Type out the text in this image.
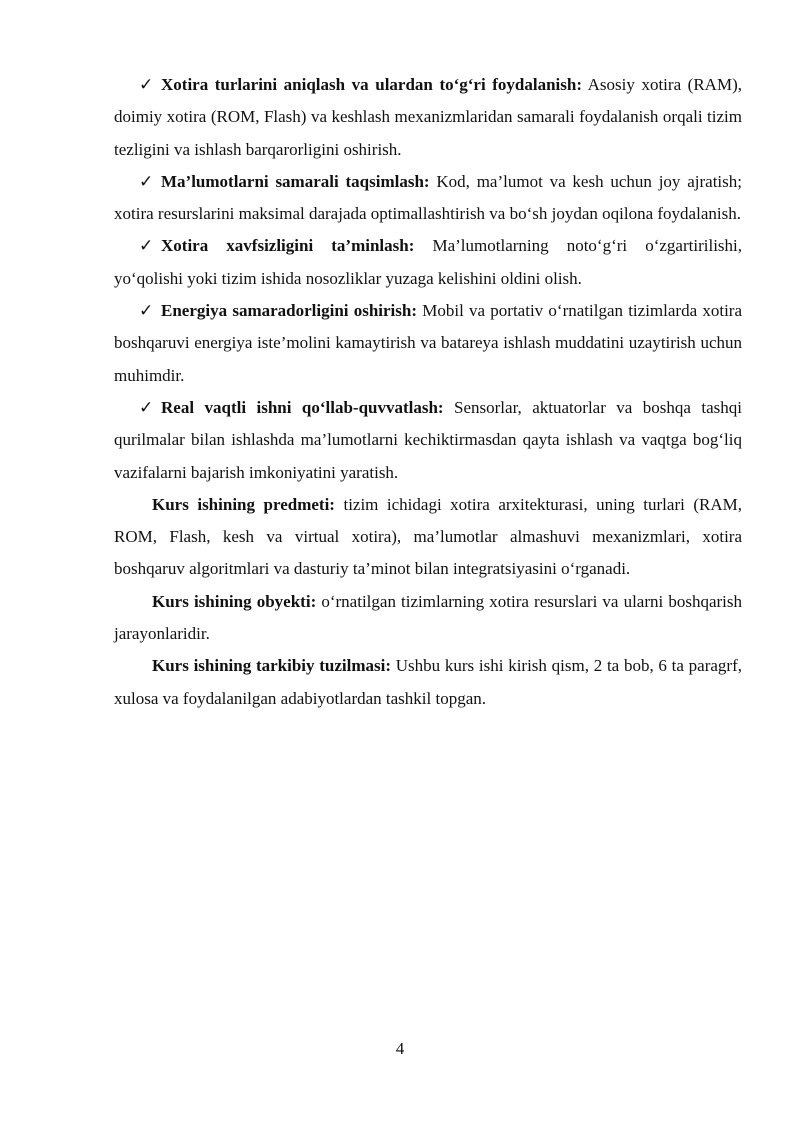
✓ Xotira turlarini aniqlash va ulardan to‘g‘ri foydalanish: Asosiy xotira (RAM), doimiy xotira (ROM, Flash) va keshlash mexanizmlaridan samarali foydalanish orqali tizim tezligini va ishlash barqarorligini oshirish.

✓ Ma’lumotlarni samarali taqsimlash: Kod, ma’lumot va kesh uchun joy ajratish; xotira resurslarini maksimal darajada optimallashtirish va bo‘sh joydan oqilona foydalanish.

✓ Xotira xavfsizligini ta’minlash: Ma’lumotlarning noto‘g‘ri o‘zgartirilishi, yo‘qolishi yoki tizim ishida nosozliklar yuzaga kelishini oldini olish.

✓ Energiya samaradorligini oshirish: Mobil va portativ o‘rnatilgan tizimlarda xotira boshqaruvi energiya iste’molini kamaytirish va batareya ishlash muddatini uzaytirish uchun muhimdir.

✓ Real vaqtli ishni qo‘llab-quvvatlash: Sensorlar, aktuatorlar va boshqa tashqi qurilmalar bilan ishlashda ma’lumotlarni kechiktirmasdan qayta ishlash va vaqtga bog‘liq vazifalarni bajarish imkoniyatini yaratish.

Kurs ishining predmeti: tizim ichidagi xotira arxitekturasi, uning turlari (RAM, ROM, Flash, kesh va virtual xotira), ma’lumotlar almashuvi mexanizmlari, xotira boshqaruv algoritmlari va dasturiy ta’minot bilan integratsiyasini o‘rganadi.

Kurs ishining obyekti: o‘rnatilgan tizimlarning xotira resurslari va ularni boshqarish jarayonlaridir.

Kurs ishining tarkibiy tuzilmasi: Ushbu kurs ishi kirish qism, 2 ta bob, 6 ta paragrf, xulosa va foydalanilgan adabiyotlardan tashkil topgan.

4
